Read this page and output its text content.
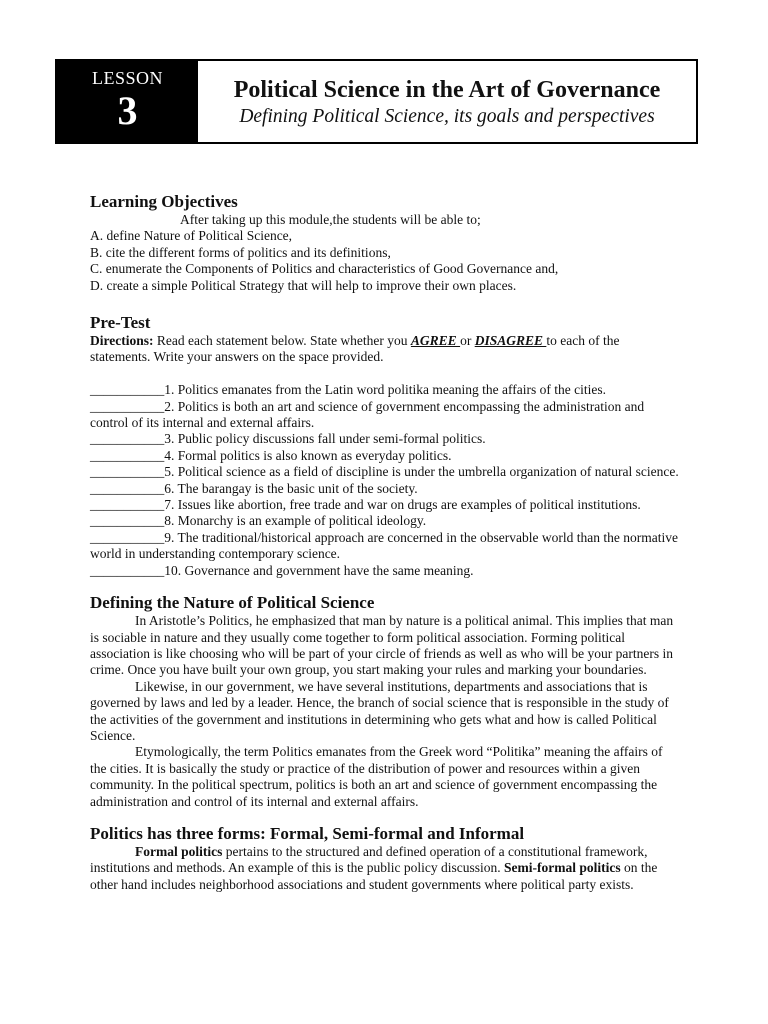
LESSON
3	Political Science in the Art of Governance
Defining Political Science, its goals and perspectives
Learning Objectives

After taking up this module,the students will be able to;

A. define Nature of Political Science,

B. cite the different forms of politics and its definitions,

C. enumerate the Components of Politics and characteristics of Good Governance and,

D. create a simple Political Strategy that will help to improve their own places.

Pre-Test

Directions: Read each statement below. State whether you AGREE or DISAGREE to each of the statements. Write your answers on the space provided.

___________1. Politics emanates from the Latin word politika meaning the affairs of the cities.

___________2. Politics is both an art and science of government encompassing the administration and control of its internal and external affairs.

___________3. Public policy discussions fall under semi-formal politics.

___________4. Formal politics is also known as everyday politics.

___________5. Political science as a field of discipline is under the umbrella organization of natural science.

___________6. The barangay is the basic unit of the society.

___________7. Issues like abortion, free trade and war on drugs are examples of political institutions.

___________8. Monarchy is an example of political ideology.

___________9. The traditional/historical approach are concerned in the observable world than the normative world in understanding contemporary science.

___________10. Governance and government have the same meaning.

Defining the Nature of Political Science

In Aristotle’s Politics, he emphasized that man by nature is a political animal. This implies that man is sociable in nature and they usually come together to form political association. Forming political association is like choosing who will be part of your circle of friends as well as who will be your partners in crime. Once you have built your own group, you start making your rules and marking your boundaries.

Likewise, in our government, we have several institutions, departments and associations that is governed by laws and led by a leader. Hence, the branch of social science that is responsible in the study of the activities of the government and institutions in determining who gets what and how is called Political Science.

Etymologically, the term Politics emanates from the Greek word “Politika” meaning the affairs of the cities. It is basically the study or practice of the distribution of power and resources within a given community. In the political spectrum, politics is both an art and science of government encompassing the administration and control of its internal and external affairs.

Politics has three forms: Formal, Semi-formal and Informal

Formal politics pertains to the structured and defined operation of a constitutional framework, institutions and methods. An example of this is the public policy discussion. Semi-formal politics on the other hand includes neighborhood associations and student governments where political party exists.
